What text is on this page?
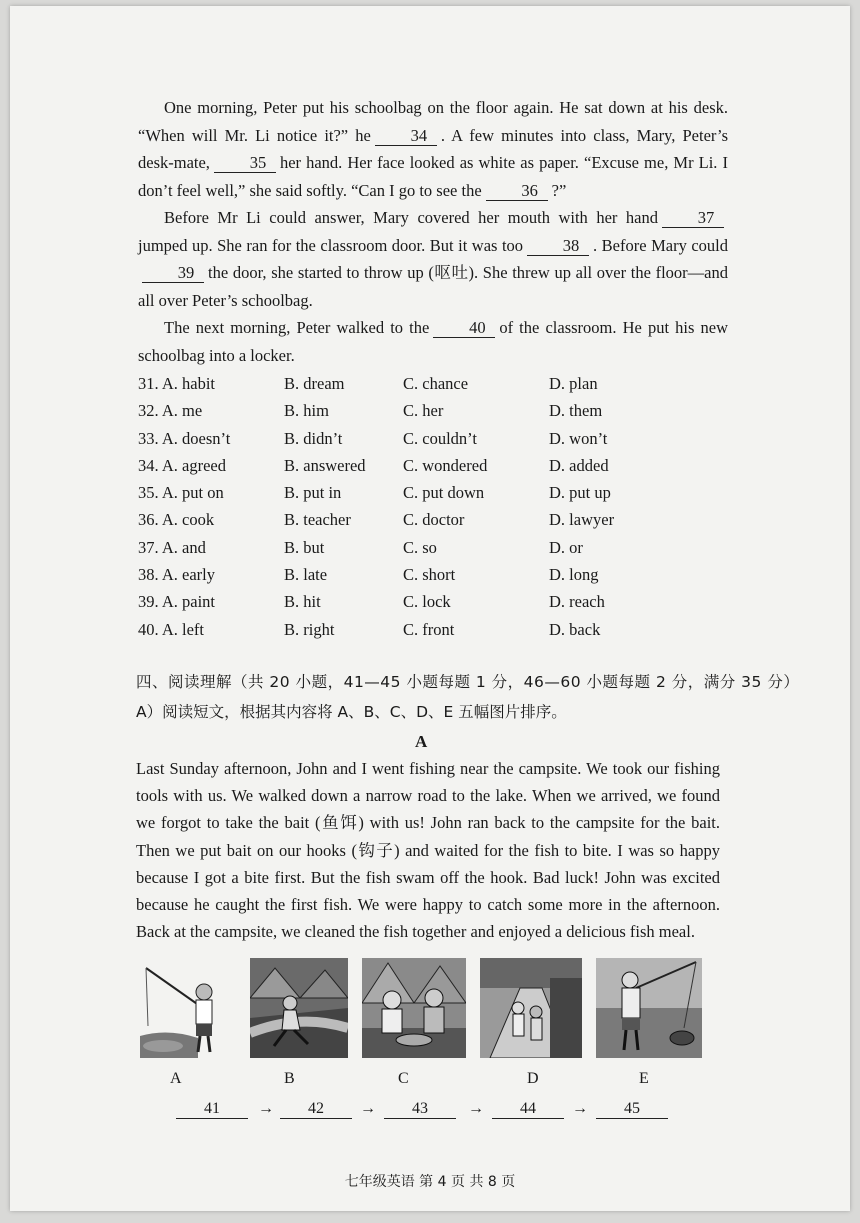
One morning, Peter put his schoolbag on the floor again. He sat down at his desk. “When will Mr. Li notice it?” he 34 . A few minutes into class, Mary, Peter’s desk-mate, 35 her hand. Her face looked as white as paper. “Excuse me, Mr Li. I don’t feel well,” she said softly. “Can I go to see the 36 ?”

Before Mr Li could answer, Mary covered her mouth with her hand 37jumped up. She ran for the classroom door. But it was too 38 . Before Mary could39 the door, she started to throw up (呕吐). She threw up all over the floor—and all over Peter’s schoolbag.

The next morning, Peter walked to the 40 of the classroom. He put his new schoolbag into a locker.

31. A. habit	B. dream	C. chance	D. plan
32. A. me	B. him	C. her	D. them
33. A. doesn’t	B. didn’t	C. couldn’t	D. won’t
34. A. agreed	B. answered C. wondered	D. added
35. A. put on	B. put in	C. put down	D. put up
36. A. cook	B. teacher	C. doctor	D. lawyer
37. A. and	B. but	C. so	D. or
38. A. early	B. late	C. short	D. long
39. A. paint	B. hit	C. lock	D. reach
40. A. left	B. right	C. front	D. back
四、阅读理解（共 20 小题，41—45 小题每题 1 分，46—60 小题每题 2 分，满分 35 分）
A）阅读短文，根据其内容将 A、B、C、D、E 五幅图片排序。
A
Last Sunday afternoon, John and I went fishing near the campsite. We took our fishing tools with us. We walked down a narrow road to the lake. When we arrived, we found we forgot to take the bait (鱼饵) with us! John ran back to the campsite for the bait. Then we put bait on our hooks (钩子) and waited for the fish to bite. I was so happy because I got a bite first. But the fish swam off the hook. Bad luck! John was excited because he caught the first fish. We were happy to catch some more in the afternoon. Back at the campsite, we cleaned the fish together and enjoyed a delicious fish meal.
A	B	C	D	E
41	→	42	→	43	→	44	→	45
七年级英语 第 4 页 共 8 页
